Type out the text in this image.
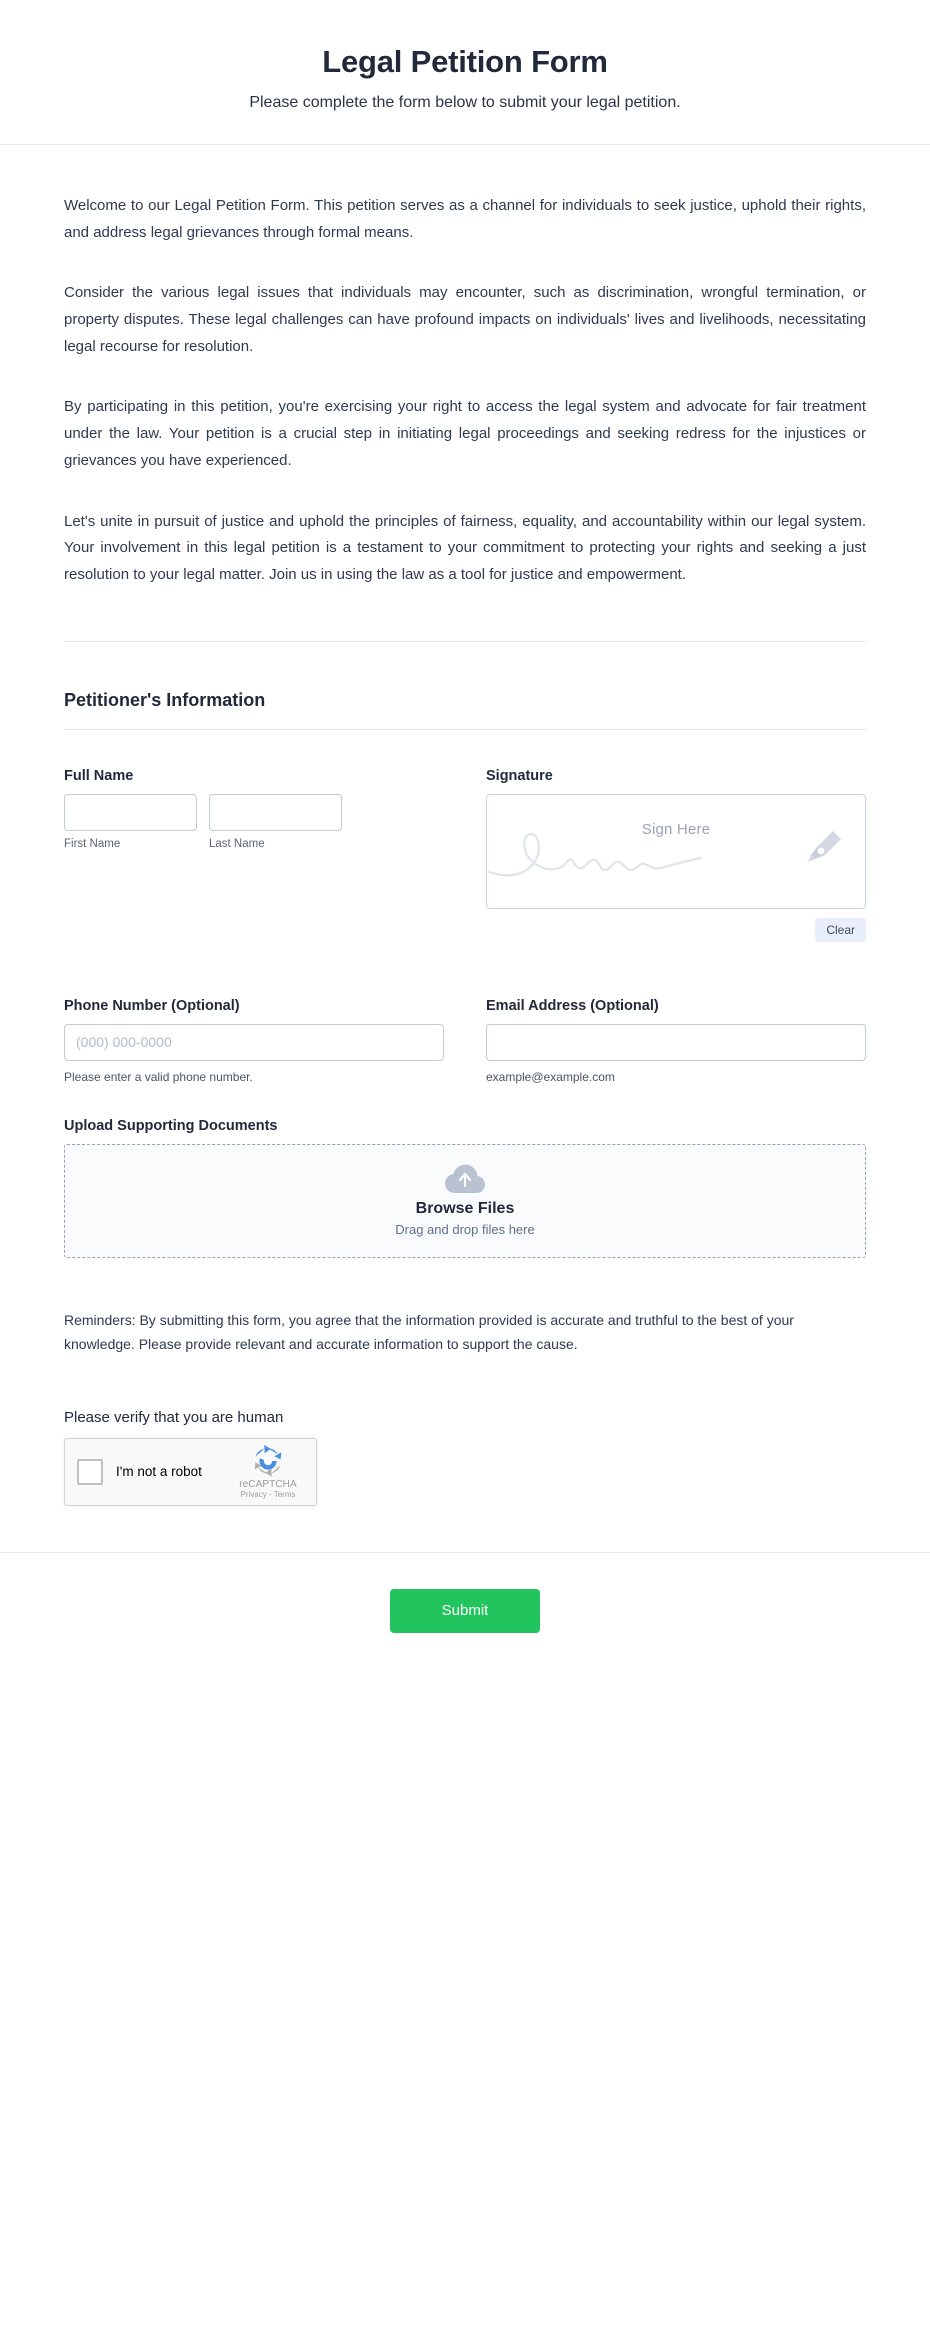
Legal Petition Form

Please complete the form below to submit your legal petition.

Welcome to our Legal Petition Form. This petition serves as a channel for individuals to seek justice, uphold their rights, and address legal grievances through formal means.

Consider the various legal issues that individuals may encounter, such as discrimination, wrongful termination, or property disputes. These legal challenges can have profound impacts on individuals' lives and livelihoods, necessitating legal recourse for resolution.

By participating in this petition, you're exercising your right to access the legal system and advocate for fair treatment under the law. Your petition is a crucial step in initiating legal proceedings and seeking redress for the injustices or grievances you have experienced.

Let's unite in pursuit of justice and uphold the principles of fairness, equality, and accountability within our legal system. Your involvement in this legal petition is a testament to your commitment to protecting your rights and seeking a just resolution to your legal matter. Join us in using the law as a tool for justice and empowerment.

Petitioner's Information
Full Name
First Name	Last Name
Signature
Sign Here
Clear
Phone Number (Optional)
(000) 000-0000
Please enter a valid phone number.
Email Address (Optional)
example@example.com
Upload Supporting Documents
Browse Files
Drag and drop files here

Reminders: By submitting this form, you agree that the information provided is accurate and truthful to the best of your knowledge. Please provide relevant and accurate information to support the cause.

Please verify that you are human
I'm not a robot
reCAPTCHA
Privacy - Terms
Submit
